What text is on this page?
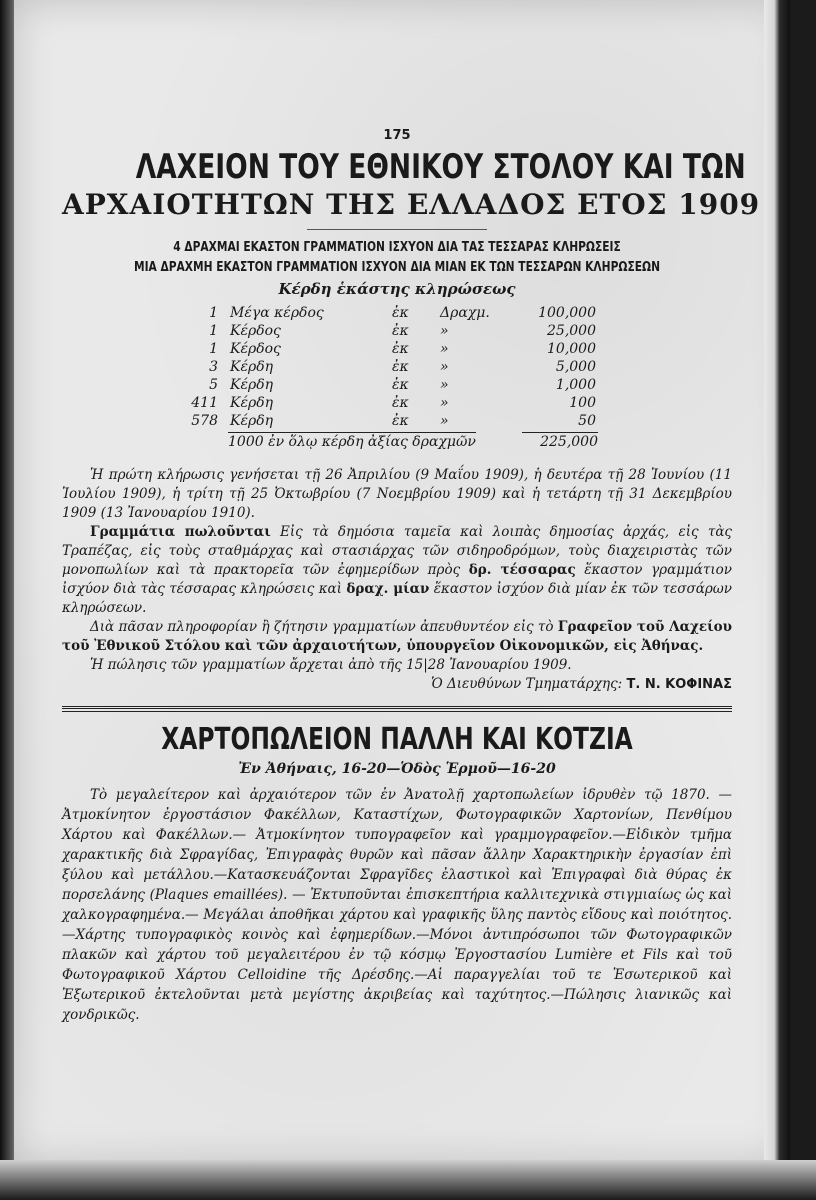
175
ΛΑΧΕΙΟΝ ΤΟΥ ΕΘΝΙΚΟΥ ΣΤΟΛΟΥ ΚΑΙ ΤΩΝ
ΑΡΧΑΙΟΤΗΤΩΝ ΤΗΣ ΕΛΛΑΔΟΣ ΕΤΟΣ 1909
4 ΔΡΑΧΜΑΙ ΕΚΑΣΤΟΝ ΓΡΑΜΜΑΤΙΟΝ ΙΣΧΥΟΝ ΔΙΑ ΤΑΣ ΤΕΣΣΑΡΑΣ ΚΛΗΡΩΣΕΙΣ
ΜΙΑ ΔΡΑΧΜΗ ΕΚΑΣΤΟΝ ΓΡΑΜΜΑΤΙΟΝ ΙΣΧΥΟΝ ΔΙΑ ΜΙΑΝ ΕΚ ΤΩΝ ΤΕΣΣΑΡΩΝ ΚΛΗΡΩΣΕΩΝ
Κέρδη ἑκάστης κληρώσεως
1	Μέγα κέρδος	ἐκ	Δραχμ.	100,000
1	Κέρδος	ἐκ	»	25,000
1	Κέρδος	ἐκ	»	10,000
3	Κέρδη	ἐκ	»	5,000
5	Κέρδη	ἐκ	»	1,000
411	Κέρδη	ἐκ	»	100
578	Κέρδη	ἐκ	»	50
1000 ἐν ὅλῳ κέρδη ἀξίας δραχμῶν	225,000

Ἡ πρώτη κλήρωσις γενήσεται τῇ 26 Ἀπριλίου (9 Μαΐου 1909), ἡ δευτέρα τῇ 28 Ἰουνίου (11 Ἰουλίου 1909), ἡ τρίτη τῇ 25 Ὀκτωβρίου (7 Νοεμβρίου 1909) καὶ ἡ τετάρτη τῇ 31 Δεκεμβρίου 1909 (13 Ἰανουαρίου 1910).

Γραμμάτια πωλοῦνται Εἰς τὰ δημόσια ταμεῖα καὶ λοιπὰς δημοσίας ἀρχάς, εἰς τὰς Τραπέζας, εἰς τοὺς σταθμάρχας καὶ στασιάρχας τῶν σιδηροδρόμων, τοὺς διαχειριστὰς τῶν μονοπωλίων καὶ τὰ πρακτορεῖα τῶν ἐφημερίδων πρὸς δρ. τέσσαρας ἕκαστον γραμμάτιον ἰσχύον διὰ τὰς τέσσαρας κληρώσεις καὶ δραχ. μίαν ἕκαστον ἰσχύον διὰ μίαν ἐκ τῶν τεσσάρων κληρώσεων.

Διὰ πᾶσαν πληροφορίαν ἢ ζήτησιν γραμματίων ἀπευθυντέον εἰς τὸ Γραφεῖον τοῦ Λαχείου τοῦ Ἐθνικοῦ Στόλου καὶ τῶν ἀρχαιοτήτων, ὑπουργεῖον Οἰκονομικῶν, εἰς Ἀθήνας.

Ἡ πώλησις τῶν γραμματίων ἄρχεται ἀπὸ τῆς 15|28 Ἰανουαρίου 1909.

Ὁ Διευθύνων Τμηματάρχης: Τ. Ν. ΚΟΦΙΝΑΣ
ΧΑΡΤΟΠΩΛΕΙΟΝ ΠΑΛΛΗ ΚΑΙ ΚΟΤΖΙΑ
Ἐν Ἀθήναις, 16-20—Ὁδὸς Ἑρμοῦ—16-20

Τὸ μεγαλείτερον καὶ ἀρχαιότερον τῶν ἐν Ἀνατολῇ χαρτοπωλείων ἱδρυθὲν τῷ 1870. —Ἀτμοκίνητον ἐργοστάσιον Φακέλλων, Καταστίχων, Φωτογραφικῶν Χαρτονίων, Πενθίμου Χάρτου καὶ Φακέλλων.— Ἀτμοκίνητον τυπογραφεῖον καὶ γραμμογραφεῖον.—Εἰδικὸν τμῆμα χαρακτικῆς διὰ Σφραγίδας, Ἐπιγραφὰς θυρῶν καὶ πᾶσαν ἄλλην Χαρακτηρικὴν ἐργασίαν ἐπὶ ξύλου καὶ μετάλλου.—Κατασκευάζονται Σφραγῖδες ἐλαστικοὶ καὶ Ἐπιγραφαὶ διὰ θύρας ἐκ πορσελάνης (Plaques emaillées). — Ἐκτυποῦνται ἐπισκεπτήρια καλλιτεχνικὰ στιγμιαίως ὡς καὶ χαλκογραφημένα.— Μεγάλαι ἀποθῆκαι χάρτου καὶ γραφικῆς ὕλης παντὸς εἴδους καὶ ποιότητος.—Χάρτης τυπογραφικὸς κοινὸς καὶ ἐφημερίδων.—Μόνοι ἀντιπρόσωποι τῶν Φωτογραφικῶν πλακῶν καὶ χάρτου τοῦ μεγαλειτέρου ἐν τῷ κόσμῳ Ἐργοστασίου Lumière et Fils καὶ τοῦ Φωτογραφικοῦ Χάρτου Celloidine τῆς Δρέσδης.—Αἱ παραγγελίαι τοῦ τε Ἐσωτερικοῦ καὶ Ἐξωτερικοῦ ἐκτελοῦνται μετὰ μεγίστης ἀκριβείας καὶ ταχύτητος.—Πώλησις λιανικῶς καὶ χονδρικῶς.
